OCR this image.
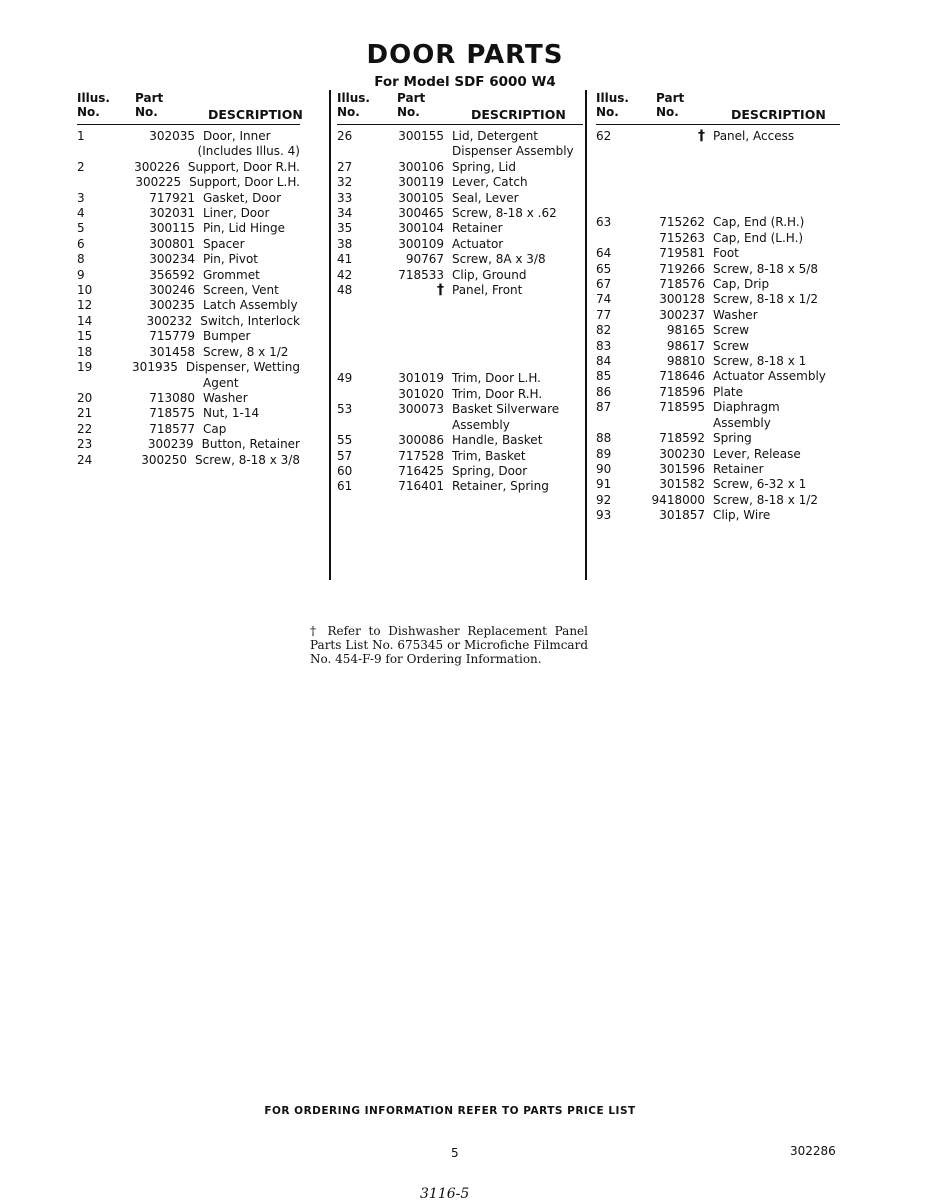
DOOR PARTS
For Model SDF 6000 W4
Illus.
No.
Part
No.	DESCRIPTION
1	302035 Door, Inner
(Includes Illus. 4)
2	300226 Support, Door R.H.
300225 Support, Door L.H.
3	717921 Gasket, Door
4	302031 Liner, Door
5	300115 Pin, Lid Hinge
6	300801 Spacer
8	300234 Pin, Pivot
9	356592 Grommet
10	300246 Screen, Vent
12	300235 Latch Assembly
14	300232 Switch, Interlock
15	715779 Bumper
18	301458 Screw, 8 x 1/2
19	301935 Dispenser, Wetting
Agent
20	713080 Washer
21	718575 Nut, 1-14
22	718577 Cap
23	300239 Button, Retainer
24	300250 Screw, 8-18 x 3/8
Illus.
No.
Part
No.	DESCRIPTION
26	300155 Lid, Detergent
Dispenser Assembly
27	300106 Spring, Lid
32	300119 Lever, Catch
33	300105 Seal, Lever
34	300465 Screw, 8-18 x .62
35	300104 Retainer
38	300109 Actuator
41	90767 Screw, 8A x 3/8
42	718533 Clip, Ground
48	† Panel, Front
49	301019 Trim, Door L.H.
301020 Trim, Door R.H.
53	300073 Basket Silverware
Assembly
55	300086 Handle, Basket
57	717528 Trim, Basket
60	716425 Spring, Door
61	716401 Retainer, Spring
Illus.
No.
Part
No.	DESCRIPTION
62	† Panel, Access
63	715262 Cap, End (R.H.)
715263 Cap, End (L.H.)
64	719581 Foot
65	719266 Screw, 8-18 x 5/8
67	718576 Cap, Drip
74	300128 Screw, 8-18 x 1/2
77	300237 Washer
82	98165 Screw
83	98617 Screw
84	98810 Screw, 8-18 x 1
85	718646 Actuator Assembly
86	718596 Plate
87	718595 Diaphragm
Assembly
88	718592 Spring
89	300230 Lever, Release
90	301596 Retainer
91	301582 Screw, 6-32 x 1
92	9418000 Screw, 8-18 x 1/2
93	301857 Clip, Wire
† Refer to Dishwasher Replacement Panel Parts List No. 675345 or Microfiche Filmcard No. 454-F-9 for Ordering Information.
FOR ORDERING INFORMATION REFER TO PARTS PRICE LIST
5	302286
3116-5
